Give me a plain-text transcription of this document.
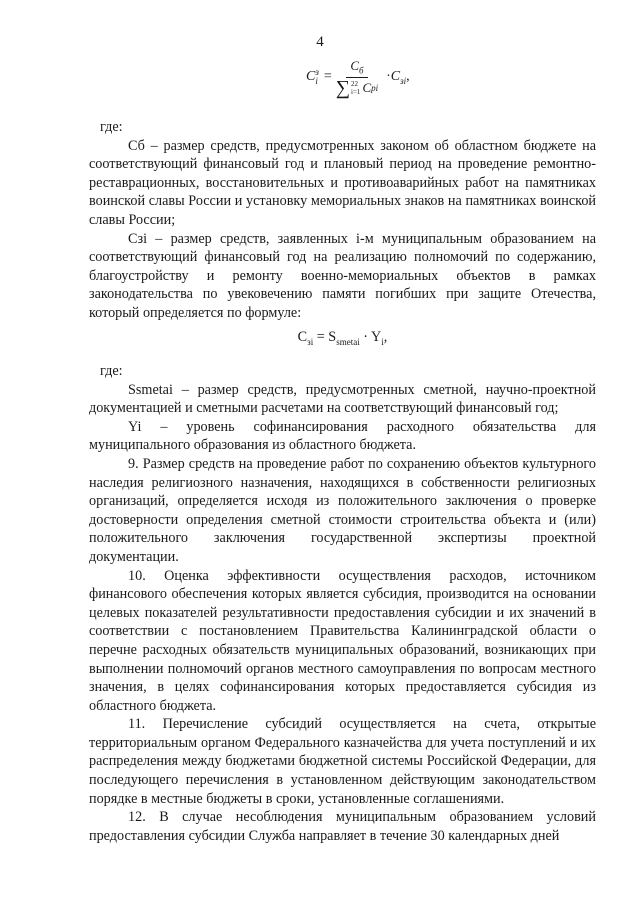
4
C з
$i = C_б$
∑ 22
i=1 C pi $\cdot C_{зi}$,

где:

Сб – размер средств, предусмотренных законом об областном бюджете на соответствующий финансовый год и плановый период на проведение ремонтно-реставрационных, восстановительных и противоаварийных работ на памятниках воинской славы России и установку мемориальных знаков на памятниках воинской славы России;

Сзi – размер средств, заявленных i-м муниципальным образованием на соответствующий финансовый год на реализацию полномочий по содержанию, благоустройству и ремонту военно-мемориальных объектов в рамках законодательства по увековечению памяти погибших при защите Отечества, который определяется по формуле:

$C_{зi} = S_{smetai} \cdot Y_i$,

где:

Ssmetai – размер средств, предусмотренных сметной, научно-проектной документацией и сметными расчетами на соответствующий финансовый год;

Yi – уровень софинансирования расходного обязательства для муниципального образования из областного бюджета.

9. Размер средств на проведение работ по сохранению объектов культурного наследия религиозного назначения, находящихся в собственности религиозных организаций, определяется исходя из положительного заключения о проверке достоверности определения сметной стоимости строительства объекта и (или) положительного заключения государственной экспертизы проектной документации.

10. Оценка эффективности осуществления расходов, источником финансового обеспечения которых является субсидия, производится на основании целевых показателей результативности предоставления субсидии и их значений в соответствии с постановлением Правительства Калининградской области о перечне расходных обязательств муниципальных образований, возникающих при выполнении полномочий органов местного самоуправления по вопросам местного значения, в целях софинансирования которых предоставляется субсидия из областного бюджета.

11. Перечисление субсидий осуществляется на счета, открытые территориальным органом Федерального казначейства для учета поступлений и их распределения между бюджетами бюджетной системы Российской Федерации, для последующего перечисления в установленном действующим законодательством порядке в местные бюджеты в сроки, установленные соглашениями.

12. В случае несоблюдения муниципальным образованием условий предоставления субсидии Служба направляет в течение 30 календарных дней
